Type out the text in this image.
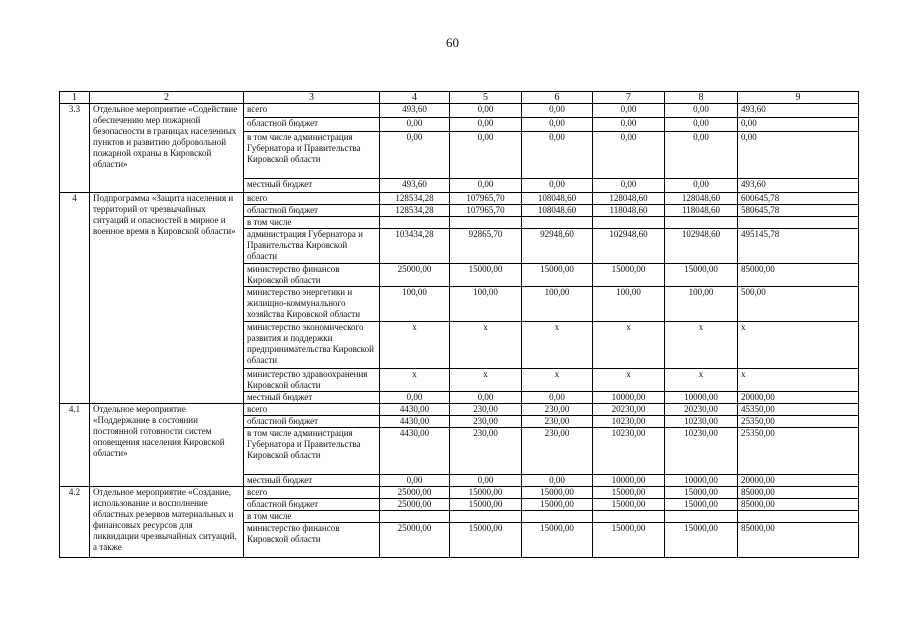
60
1	2	3	4	5	6	7	8	9
3.3	Отдельное мероприятие «Содействие обеспечению мер пожарной безопасности в границах населенных пунктов и развитию добровольной пожарной охраны в Кировской области»	всего	493,60	0,00	0,00	0,00	0,00	493,60
		областной бюджет	0,00	0,00	0,00	0,00	0,00	0,00
		в том числе администрация Губернатора и Правительства Кировской области	0,00	0,00	0,00	0,00	0,00	0,00
		местный бюджет	493,60	0,00	0,00	0,00	0,00	493,60
4	Подпрограмма «Защита населения и территорий от чрезвычайных ситуаций и опасностей в мирное и военное время в Кировской области»	всего	128534,28	107965,70	108048,60	128048,60	128048,60	600645,78
		областной бюджет	128534,28	107965,70	108048,60	118048,60	118048,60	580645,78
		в том числе						
		администрация Губернатора и Правительства Кировской области	103434,28	92865,70	92948,60	102948,60	102948,60	495145,78
		министерство финансов Кировской области	25000,00	15000,00	15000,00	15000,00	15000,00	85000,00
		министерство энергетики и жилищно-коммунального хозяйства Кировской области	100,00	100,00	100,00	100,00	100,00	500,00
		министерство экономического развития и поддержки предпринимательства Кировской области	x	x	x	x	x	x
		министерство здравоохранения Кировской области	x	x	x	x	x	x
		местный бюджет	0,00	0,00	0,00	10000,00	10000,00	20000,00
4.1	Отдельное мероприятие «Поддержание в состоянии постоянной готовности систем оповещения населения Кировской области»	всего	4430,00	230,00	230,00	20230,00	20230,00	45350,00
		областной бюджет	4430,00	230,00	230,00	10230,00	10230,00	25350,00
		в том числе администрация Губернатора и Правительства Кировской области	4430,00	230,00	230,00	10230,00	10230,00	25350,00
		местный бюджет	0,00	0,00	0,00	10000,00	10000,00	20000,00
4.2	Отдельное мероприятие «Создание, использование и восполнение областных резервов материальных и финансовых ресурсов для ликвидации чрезвычайных ситуаций, а также	всего	25000,00	15000,00	15000,00	15000,00	15000,00	85000,00
		областной бюджет	25000,00	15000,00	15000,00	15000,00	15000,00	85000,00
		в том числе						
		министерство финансов Кировской области	25000,00	15000,00	15000,00	15000,00	15000,00	85000,00
